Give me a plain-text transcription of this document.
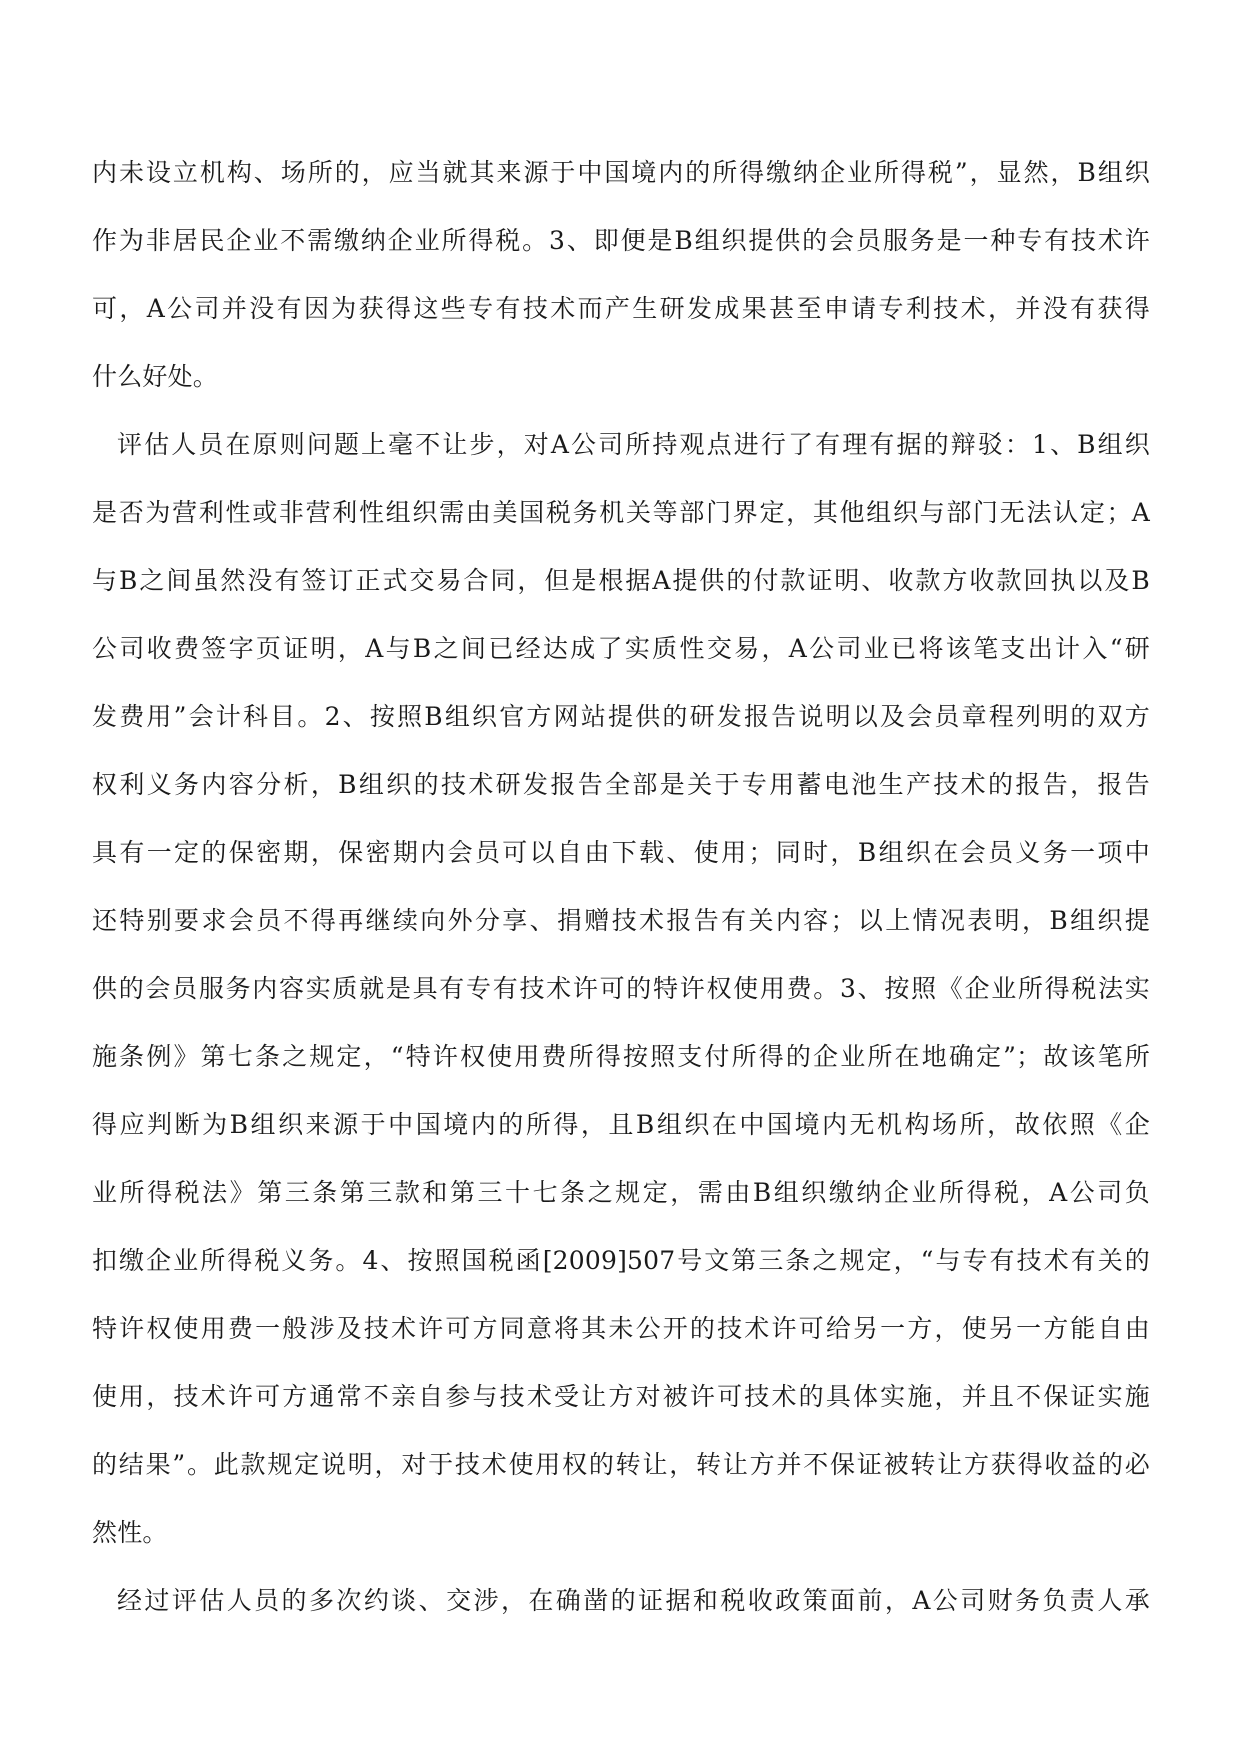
内未设立机构、场所的，应当就其来源于中国境内的所得缴纳企业所得税”，显然，B组织
作为非居民企业不需缴纳企业所得税。3、即便是B组织提供的会员服务是一种专有技术许
可，A公司并没有因为获得这些专有技术而产生研发成果甚至申请专利技术，并没有获得
什么好处。
评估人员在原则问题上毫不让步，对A公司所持观点进行了有理有据的辩驳：1、B组织
是否为营利性或非营利性组织需由美国税务机关等部门界定，其他组织与部门无法认定；A
与B之间虽然没有签订正式交易合同，但是根据A提供的付款证明、收款方收款回执以及B
公司收费签字页证明，A与B之间已经达成了实质性交易，A公司业已将该笔支出计入“研
发费用”会计科目。2、按照B组织官方网站提供的研发报告说明以及会员章程列明的双方
权利义务内容分析，B组织的技术研发报告全部是关于专用蓄电池生产技术的报告，报告
具有一定的保密期，保密期内会员可以自由下载、使用；同时，B组织在会员义务一项中
还特别要求会员不得再继续向外分享、捐赠技术报告有关内容；以上情况表明，B组织提
供的会员服务内容实质就是具有专有技术许可的特许权使用费。3、按照《企业所得税法实
施条例》第七条之规定，“特许权使用费所得按照支付所得的企业所在地确定”；故该笔所
得应判断为B组织来源于中国境内的所得，且B组织在中国境内无机构场所，故依照《企
业所得税法》第三条第三款和第三十七条之规定，需由B组织缴纳企业所得税，A公司负
扣缴企业所得税义务。4、按照国税函[2009]507号文第三条之规定，“与专有技术有关的
特许权使用费一般涉及技术许可方同意将其未公开的技术许可给另一方，使另一方能自由
使用，技术许可方通常不亲自参与技术受让方对被许可技术的具体实施，并且不保证实施
的结果”。此款规定说明，对于技术使用权的转让，转让方并不保证被转让方获得收益的必
然性。
经过评估人员的多次约谈、交涉，在确凿的证据和税收政策面前，A公司财务负责人承
